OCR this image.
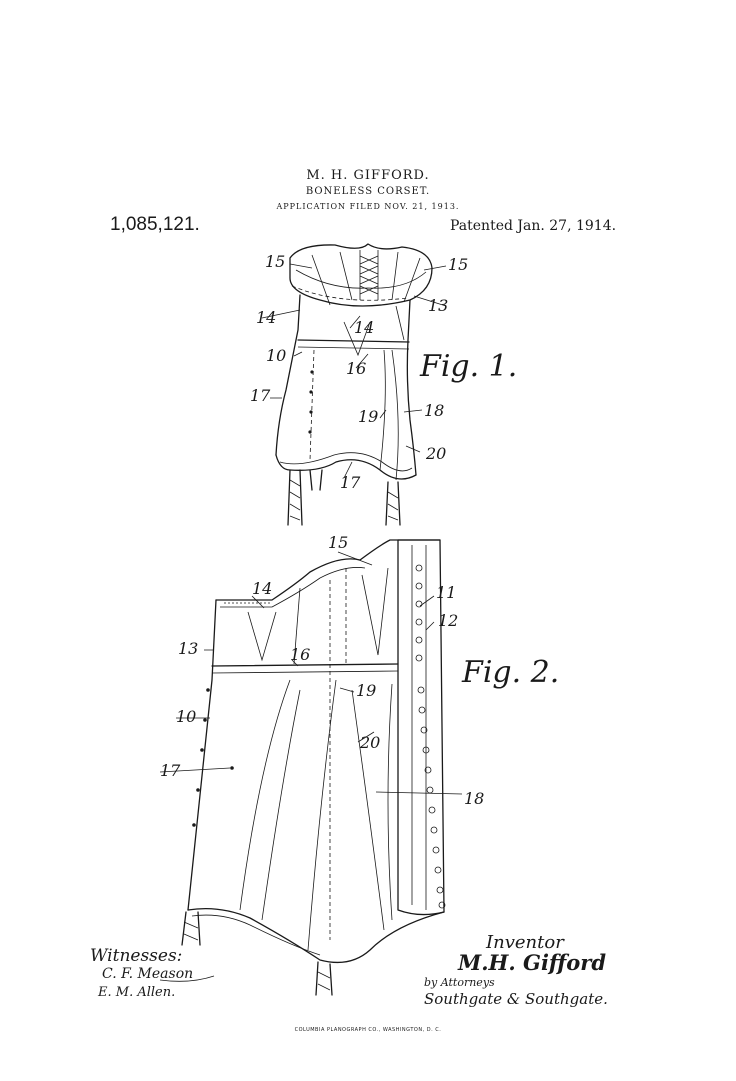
M. H. GIFFORD.
BONELESS CORSET.
APPLICATION FILED NOV. 21, 1913.
1,085,121.	Patented Jan. 27, 1914.
15	15
14
13
14
10
16
17
19	18
20
17
Fig. 1.
15
14	11
12
13	16
19
10
20
17
18
Fig. 2.
Witnesses:
C. F. Meason
E. M. Allen.
Inventor
M.H. Gifford
by Attorneys
Southgate & Southgate.
COLUMBIA PLANOGRAPH CO., WASHINGTON, D. C.
